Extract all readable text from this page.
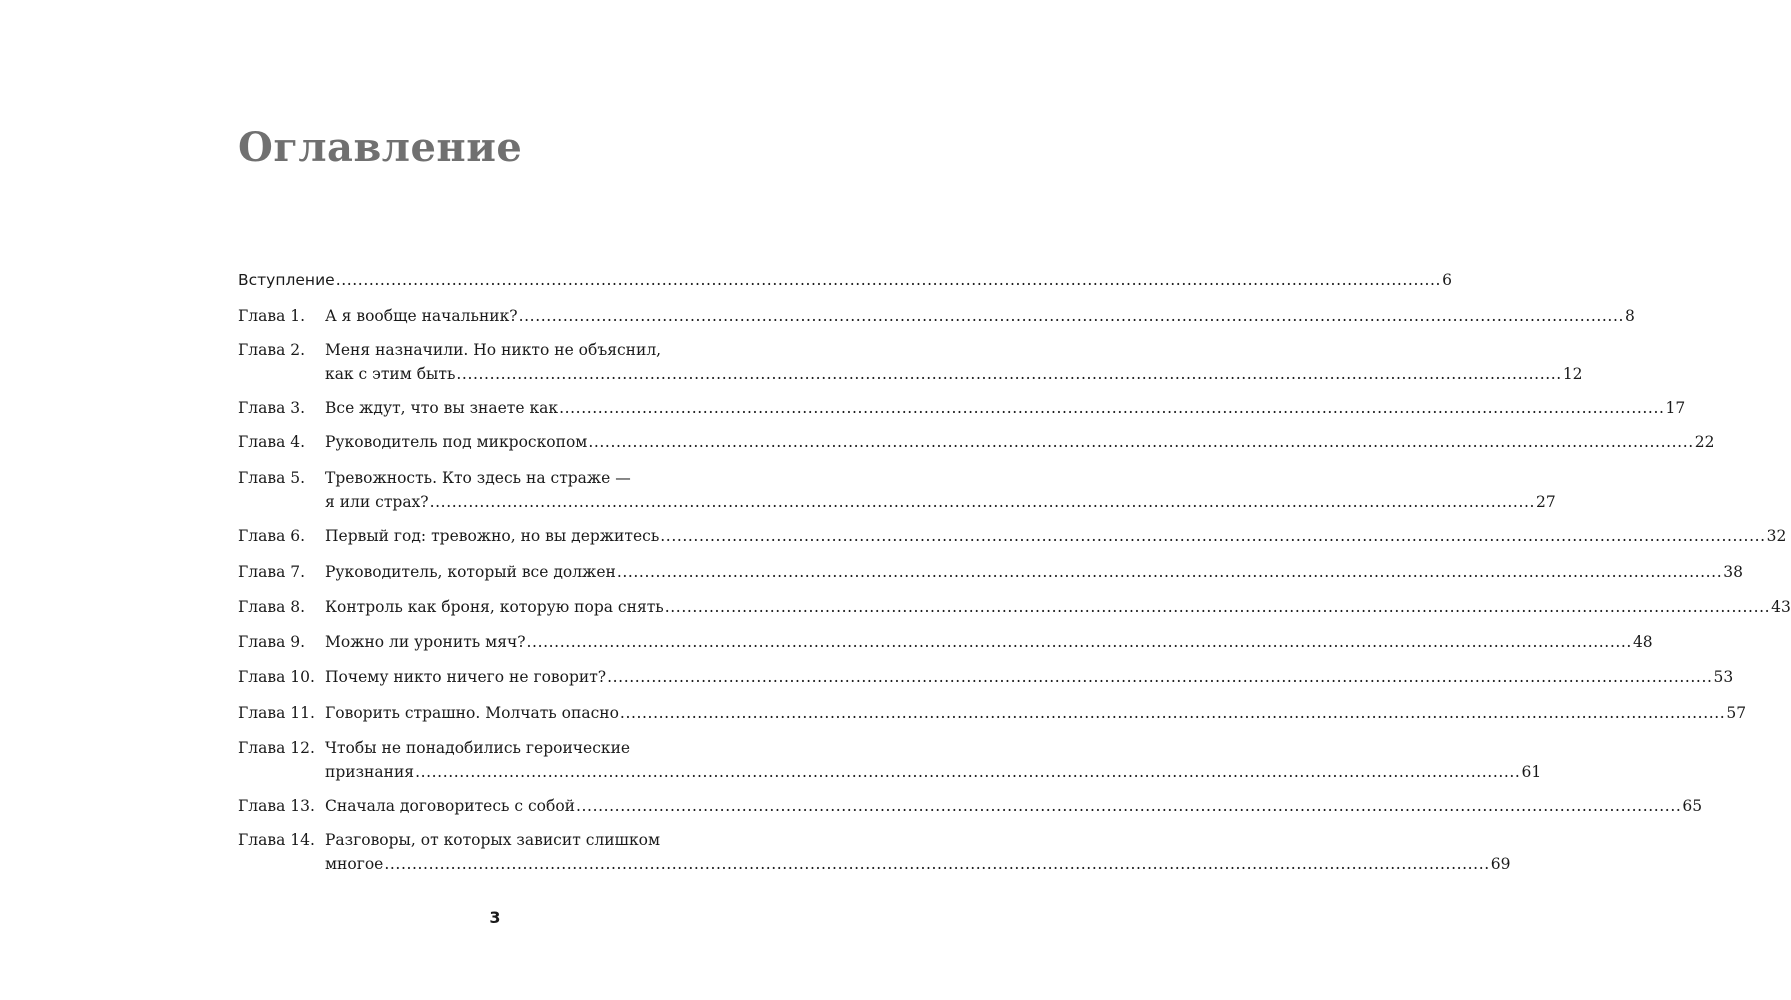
Оглавление
Вступление ........................................................................................................................................................................................................ 6
Глава 1.	А я вообще начальник? ........................................................................................................................................................................................................ 8
Глава 2.	Меня назначили. Но никто не объяснил,
как с этим быть ........................................................................................................................................................................................................ 12
Глава 3.	Все ждут, что вы знаете как ........................................................................................................................................................................................................ 17
Глава 4.	Руководитель под микроскопом ........................................................................................................................................................................................................ 22
Глава 5.	Тревожность. Кто здесь на страже —
я или страх? ........................................................................................................................................................................................................ 27
Глава 6.	Первый год: тревожно, но вы держитесь ........................................................................................................................................................................................................ 32
Глава 7.	Руководитель, который все должен ........................................................................................................................................................................................................ 38
Глава 8.	Контроль как броня, которую пора снять ........................................................................................................................................................................................................ 43
Глава 9.	Можно ли уронить мяч? ........................................................................................................................................................................................................ 48
Глава 10. Почему никто ничего не говорит? ........................................................................................................................................................................................................ 53
Глава 11. Говорить страшно. Молчать опасно ........................................................................................................................................................................................................ 57
Глава 12. Чтобы не понадобились героические
признания ........................................................................................................................................................................................................ 61
Глава 13. Сначала договоритесь с собой ........................................................................................................................................................................................................ 65
Глава 14. Разговоры, от которых зависит слишком
многое ........................................................................................................................................................................................................ 69
3
